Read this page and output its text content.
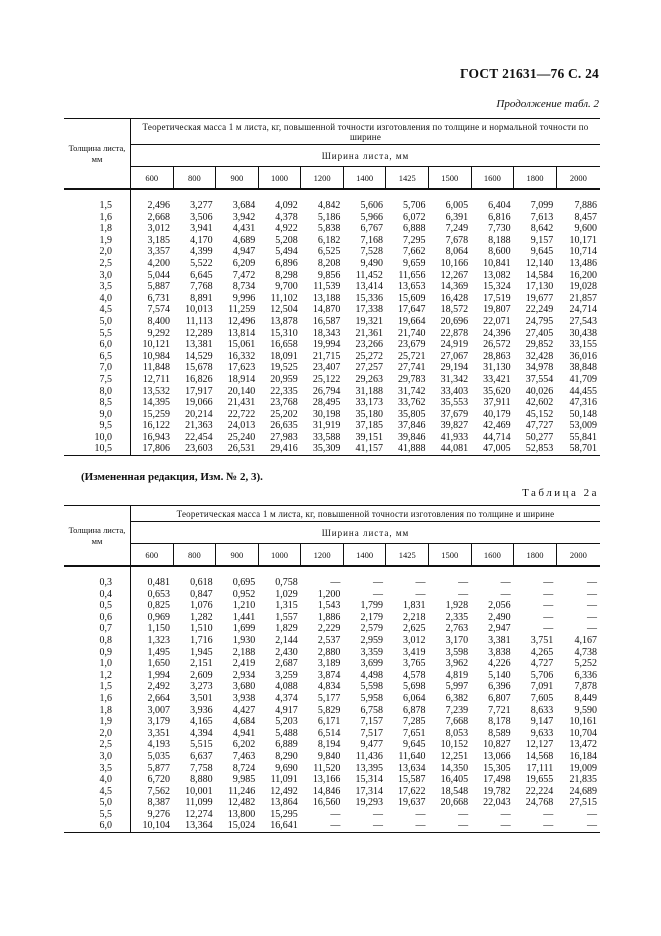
ГОСТ 21631—76 С. 24
Продолжение табл. 2
Толщина листа, мм	Теоретическая масса 1 м листа, кг, повышенной точности изготовления по толщине и нормальной точности по ширине										
	Ширина листа, мм										
	600	800	900	1000	1200	1400	1425	1500	1600	1800	2000

1,5	2,496	3,277	3,684	4,092	4,842	5,606	5,706	6,005	6,404	7,099	7,886
1,6	2,668	3,506	3,942	4,378	5,186	5,966	6,072	6,391	6,816	7,613	8,457
1,8	3,012	3,941	4,431	4,922	5,838	6,767	6,888	7,249	7,730	8,642	9,600
1,9	3,185	4,170	4,689	5,208	6,182	7,168	7,295	7,678	8,188	9,157	10,171
2,0	3,357	4,399	4,947	5,494	6,525	7,528	7,662	8,064	8,600	9,645	10,714
2,5	4,200	5,522	6,209	6,896	8,208	9,490	9,659	10,166	10,841	12,140	13,486
3,0	5,044	6,645	7,472	8,298	9,856	11,452	11,656	12,267	13,082	14,584	16,200
3,5	5,887	7,768	8,734	9,700	11,539	13,414	13,653	14,369	15,324	17,130	19,028
4,0	6,731	8,891	9,996	11,102	13,188	15,336	15,609	16,428	17,519	19,677	21,857
4,5	7,574	10,013	11,259	12,504	14,870	17,338	17,647	18,572	19,807	22,249	24,714
5,0	8,400	11,113	12,496	13,878	16,587	19,321	19,664	20,696	22,071	24,795	27,543
5,5	9,292	12,289	13,814	15,310	18,343	21,361	21,740	22,878	24,396	27,405	30,438
6,0	10,121	13,381	15,061	16,658	19,994	23,266	23,679	24,919	26,572	29,852	33,155
6,5	10,984	14,529	16,332	18,091	21,715	25,272	25,721	27,067	28,863	32,428	36,016
7,0	11,848	15,678	17,623	19,525	23,407	27,257	27,741	29,194	31,130	34,978	38,848
7,5	12,711	16,826	18,914	20,959	25,122	29,263	29,783	31,342	33,421	37,554	41,709
8,0	13,532	17,917	20,140	22,335	26,794	31,188	31,742	33,403	35,620	40,026	44,455
8,5	14,395	19,066	21,431	23,768	28,495	33,173	33,762	35,553	37,911	42,602	47,316
9,0	15,259	20,214	22,722	25,202	30,198	35,180	35,805	37,679	40,179	45,152	50,148
9,5	16,122	21,363	24,013	26,635	31,919	37,185	37,846	39,827	42,469	47,727	53,009
10,0	16,943	22,454	25,240	27,983	33,588	39,151	39,846	41,933	44,714	50,277	55,841
10,5	17,806	23,603	26,531	29,416	35,309	41,157	41,888	44,081	47,005	52,853	58,701
(Измененная редакция, Изм. № 2, 3).
Таблица 2а
Толщина листа, мм	Теоретическая масса 1 м листа, кг, повышенной точности изготовления по толщине и ширине										
	Ширина листа, мм										
	600	800	900	1000	1200	1400	1425	1500	1600	1800	2000

0,3	0,481	0,618	0,695	0,758	—	—	—	—	—	—	—
0,4	0,653	0,847	0,952	1,029	1,200	—	—	—	—	—	—
0,5	0,825	1,076	1,210	1,315	1,543	1,799	1,831	1,928	2,056	—	—
0,6	0,969	1,282	1,441	1,557	1,886	2,179	2,218	2,335	2,490	—	—
0,7	1,150	1,510	1,699	1,829	2,229	2,579	2,625	2,763	2,947	—	—
0,8	1,323	1,716	1,930	2,144	2,537	2,959	3,012	3,170	3,381	3,751	4,167
0,9	1,495	1,945	2,188	2,430	2,880	3,359	3,419	3,598	3,838	4,265	4,738
1,0	1,650	2,151	2,419	2,687	3,189	3,699	3,765	3,962	4,226	4,727	5,252
1,2	1,994	2,609	2,934	3,259	3,874	4,498	4,578	4,819	5,140	5,706	6,336
1,5	2,492	3,273	3,680	4,088	4,834	5,598	5,698	5,997	6,396	7,091	7,878
1,6	2,664	3,501	3,938	4,374	5,177	5,958	6,064	6,382	6,807	7,605	8,449
1,8	3,007	3,936	4,427	4,917	5,829	6,758	6,878	7,239	7,721	8,633	9,590
1,9	3,179	4,165	4,684	5,203	6,171	7,157	7,285	7,668	8,178	9,147	10,161
2,0	3,351	4,394	4,941	5,488	6,514	7,517	7,651	8,053	8,589	9,633	10,704
2,5	4,193	5,515	6,202	6,889	8,194	9,477	9,645	10,152	10,827	12,127	13,472
3,0	5,035	6,637	7,463	8,290	9,840	11,436	11,640	12,251	13,066	14,568	16,184
3,5	5,877	7,758	8,724	9,690	11,520	13,395	13,634	14,350	15,305	17,111	19,009
4,0	6,720	8,880	9,985	11,091	13,166	15,314	15,587	16,405	17,498	19,655	21,835
4,5	7,562	10,001	11,246	12,492	14,846	17,314	17,622	18,548	19,782	22,224	24,689
5,0	8,387	11,099	12,482	13,864	16,560	19,293	19,637	20,668	22,043	24,768	27,515
5,5	9,276	12,274	13,800	15,295	—	—	—	—	—	—	—
6,0	10,104	13,364	15,024	16,641	—	—	—	—	—	—	—
